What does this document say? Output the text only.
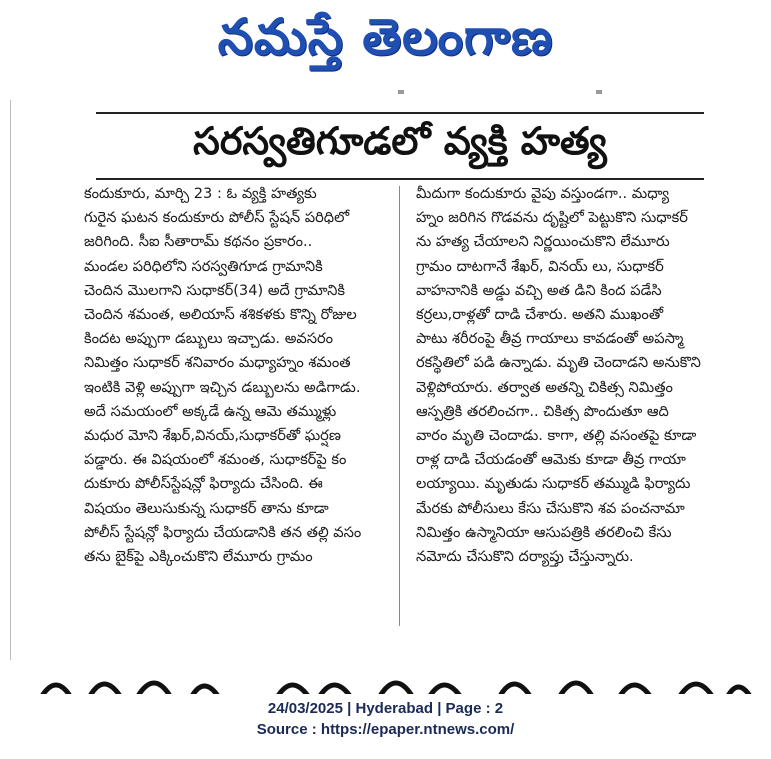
నమస్తే తెలంగాణ
సరస్వతిగూడలో వ్యక్తి హత్య
కందుకూరు, మార్చి 23 : ఓ వ్యక్తి హత్యకు
గురైన ఘటన కందుకూరు పోలీస్ స్టేషన్ పరిధిలో
జరిగింది. సీఐ సీతారామ్ కథనం ప్రకారం..
మండల పరిధిలోని సరస్వతిగూడ గ్రామానికి
చెందిన మొలగాని సుధాకర్(34) అదే గ్రామానికి
చెందిన శమంత, అలియాస్ శశికళకు కొన్ని రోజుల
కిందట అప్పుగా డబ్బులు ఇచ్చాడు. అవసరం
నిమిత్తం సుధాకర్ శనివారం మధ్యాహ్నం శమంత
ఇంటికి వెళ్లి అప్పుగా ఇచ్చిన డబ్బులను అడిగాడు.
అదే సమయంలో అక్కడే ఉన్న ఆమె తమ్ముళ్లు
మధుర మోని శేఖర్,వినయ్,సుధాకర్‌తో ఘర్షణ
పడ్డారు. ఈ విషయంలో శమంత, సుధాకర్‌పై కం
దుకూరు పోలీస్‌స్టేషన్లో ఫిర్యాదు చేసింది. ఈ
విషయం తెలుసుకున్న సుధాకర్ తాను కూడా
పోలీస్ స్టేషన్లో ఫిర్యాదు చేయడానికి తన తల్లి వసం
తను బైక్‌పై ఎక్కించుకొని లేమూరు గ్రామం
మీదుగా కందుకూరు వైపు వస్తుండగా.. మధ్యా
హ్నం జరిగిన గొడవను దృష్టిలో పెట్టుకొని సుధాకర్
ను హత్య చేయాలని నిర్ణయించుకొని లేమూరు
గ్రామం దాటగానే శేఖర్, వినయ్ లు, సుధాకర్
వాహనానికి అడ్డు వచ్చి అత డిని కింద పడేసి
కర్రలు,రాళ్లతో దాడి చేశారు. అతని ముఖంతో
పాటు శరీరంపై తీవ్ర గాయాలు కావడంతో అపస్మా
రకస్థితిలో పడి ఉన్నాడు. మృతి చెందాడని అనుకొని
వెళ్లిపోయారు. తర్వాత అతన్ని చికిత్స నిమిత్తం
ఆస్పత్రికి తరలించగా.. చికిత్స పొందుతూ ఆది
వారం మృతి చెందాడు. కాగా, తల్లి వసంతపై కూడా
రాళ్ల దాడి చేయడంతో ఆమెకు కూడా తీవ్ర గాయా
లయ్యాయి. మృతుడు సుధాకర్ తమ్ముడి ఫిర్యాదు
మేరకు పోలీసులు కేసు చేసుకొని శవ పంచనామా
నిమిత్తం ఉస్మానియా ఆసుపత్రికి తరలించి కేసు
నమోదు చేసుకొని దర్యాప్తు చేస్తున్నారు.
24/03/2025 | Hyderabad | Page : 2
Source : https://epaper.ntnews.com/
